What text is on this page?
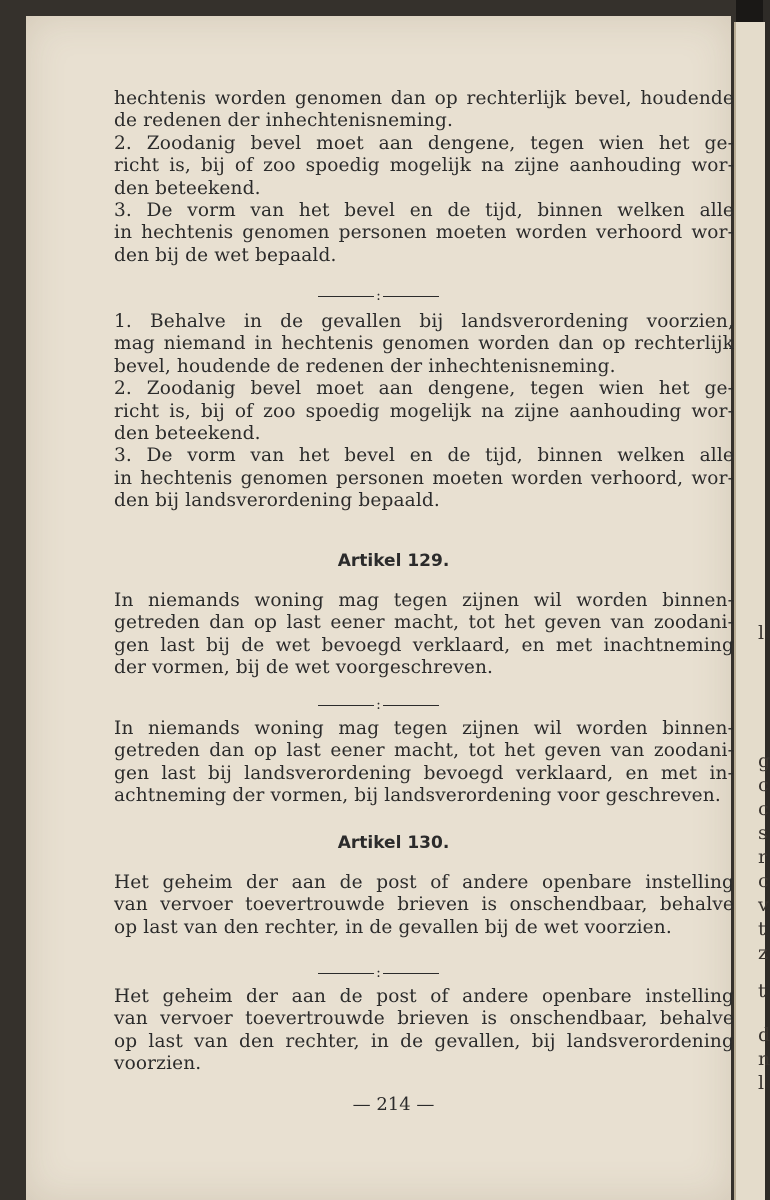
hechtenis worden genomen dan op rechterlijk bevel, houdende
de redenen der inhechtenisneming.
2. Zoodanig bevel moet aan dengene, tegen wien het ge-
richt is, bij of zoo spoedig mogelijk na zijne aanhouding wor-
den beteekend.
3. De vorm van het bevel en de tijd, binnen welken alle
in hechtenis genomen personen moeten worden verhoord wor-
den bij de wet bepaald.
:
1. Behalve in de gevallen bij landsverordening voorzien,
mag niemand in hechtenis genomen worden dan op rechterlijk
bevel, houdende de redenen der inhechtenisneming.
2. Zoodanig bevel moet aan dengene, tegen wien het ge-
richt is, bij of zoo spoedig mogelijk na zijne aanhouding wor-
den beteekend.
3. De vorm van het bevel en de tijd, binnen welken alle
in hechtenis genomen personen moeten worden verhoord, wor-
den bij landsverordening bepaald.
Artikel 129.
In niemands woning mag tegen zijnen wil worden binnen-
getreden dan op last eener macht, tot het geven van zoodani-
gen last bij de wet bevoegd verklaard, en met inachtneming
der vormen, bij de wet voorgeschreven.
:
In niemands woning mag tegen zijnen wil worden binnen-
getreden dan op last eener macht, tot het geven van zoodani-
gen last bij landsverordening bevoegd verklaard, en met in-
achtneming der vormen, bij landsverordening voor geschreven.
Artikel 130.
Het geheim der aan de post of andere openbare instelling
van vervoer toevertrouwde brieven is onschendbaar, behalve
op last van den rechter, in de gevallen bij de wet voorzien.
:
Het geheim der aan de post of andere openbare instelling
van vervoer toevertrouwde brieven is onschendbaar, behalve
op last van den rechter, in de gevallen, bij landsverordening
voorzien.
— 214 —
l
g
c
c
s
r
c
v
t
z
t
d
n
l
